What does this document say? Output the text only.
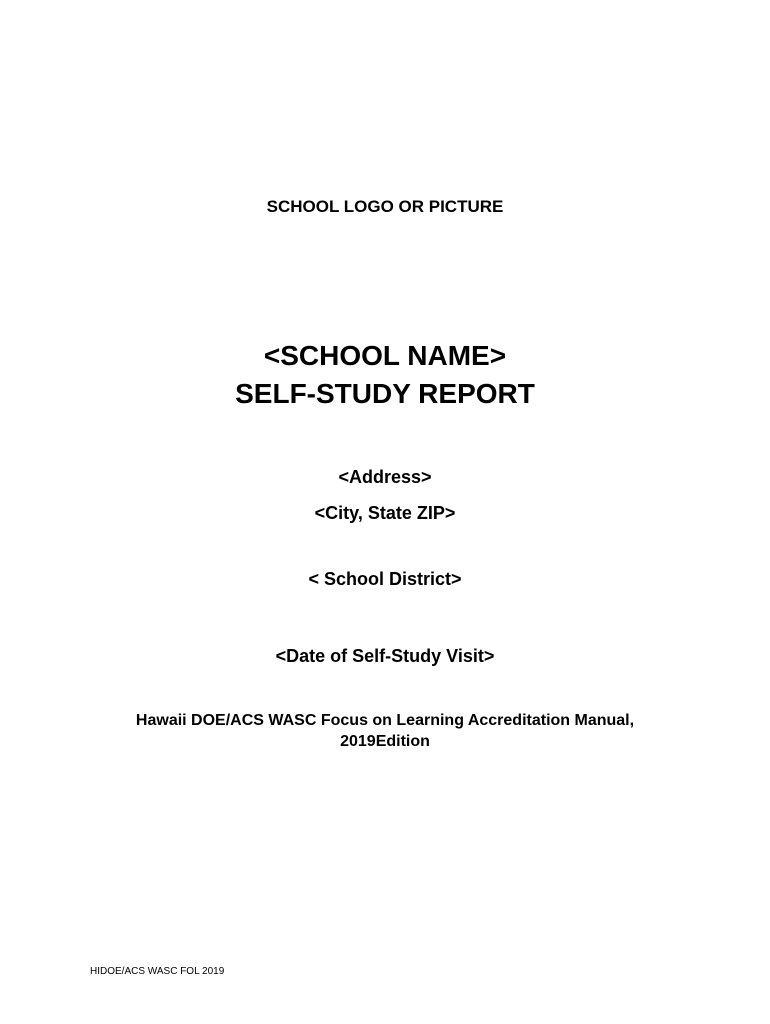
SCHOOL LOGO OR PICTURE
<SCHOOL NAME>
SELF-STUDY REPORT
<Address>
<City, State ZIP>
< School District>
<Date of Self-Study Visit>
Hawaii DOE/ACS WASC Focus on Learning Accreditation Manual,
2019Edition
HIDOE/ACS WASC FOL 2019
